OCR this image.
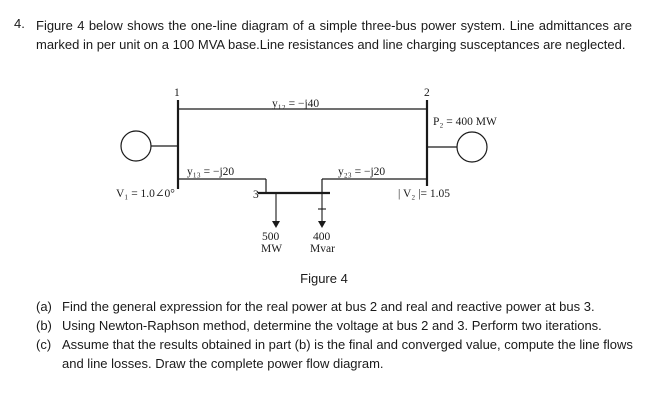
4. Figure 4 below shows the one-line diagram of a simple three-bus power system. Line admittances are marked in per unit on a 100 MVA base.Line resistances and line charging susceptances are neglected.
1
y₁₂ = −j40
2
P₂ = 400 MW
y₁₃ = −j20	y₂₃ = −j20
3
500
MW
400
Mvar
V₁ = 1.0∠0°	| V₂ |= 1.05
Figure 4
(a) Find the general expression for the real power at bus 2 and real and reactive power at bus 3.
(b) Using Newton-Raphson method, determine the voltage at bus 2 and 3. Perform two iterations.
(c) Assume that the results obtained in part (b) is the final and converged value, compute the line flows and line losses. Draw the complete power flow diagram.
